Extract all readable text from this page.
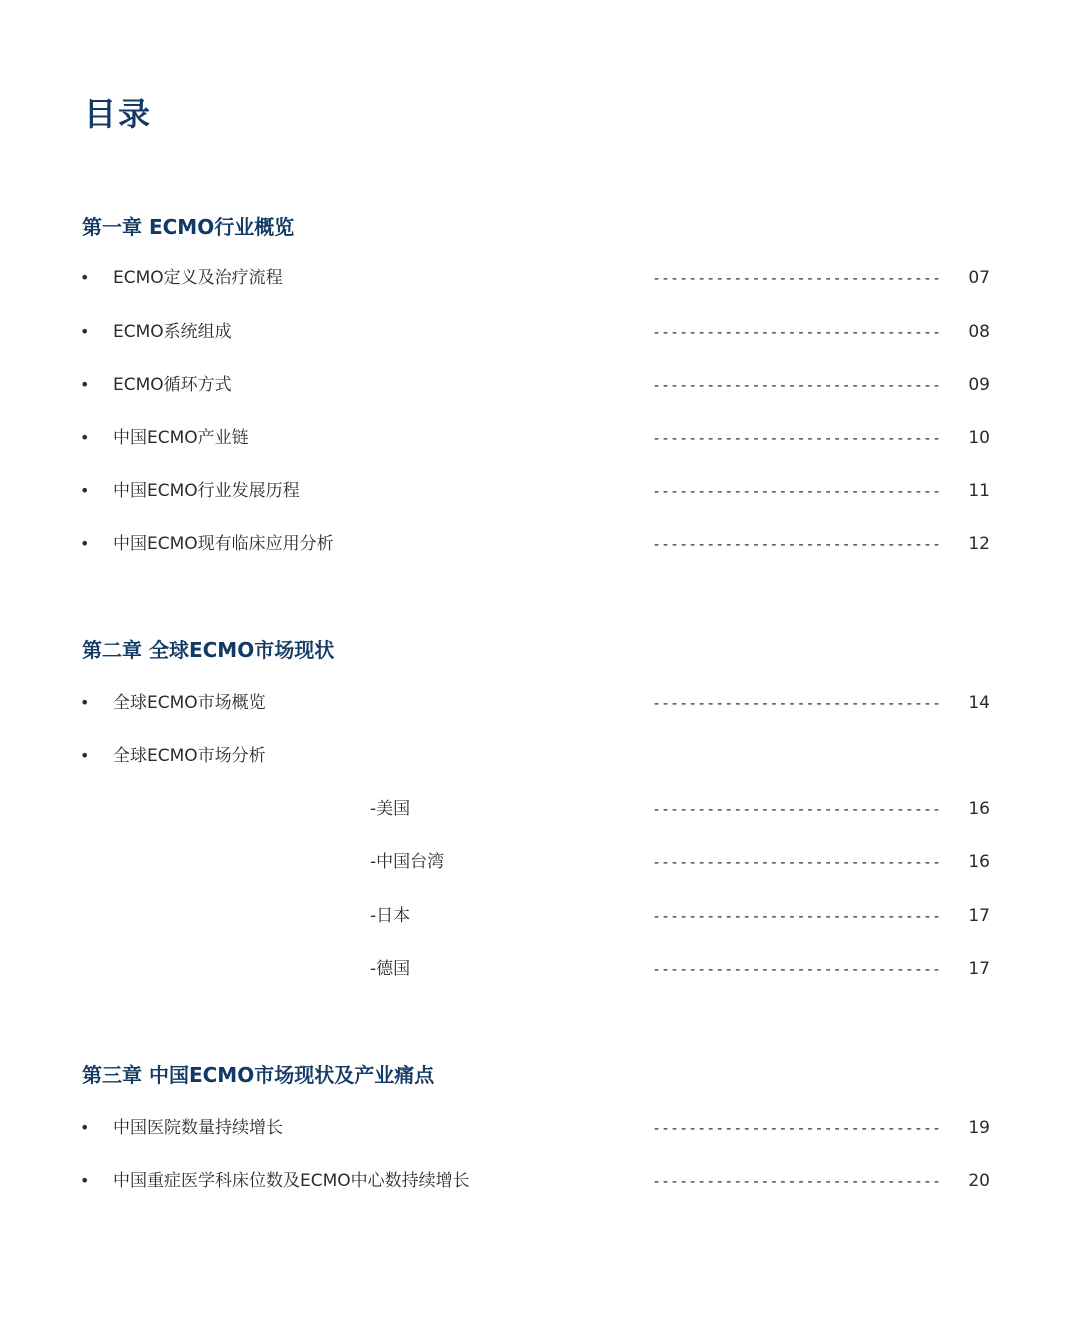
目录
第一章 ECMO行业概览
• ECMO定义及治疗流程	--------------------------------	07
• ECMO系统组成	--------------------------------	08
• ECMO循环方式	--------------------------------	09
• 中国ECMO产业链	--------------------------------	10
• 中国ECMO行业发展历程	--------------------------------	11
• 中国ECMO现有临床应用分析	--------------------------------	12
第二章 全球ECMO市场现状
• 全球ECMO市场概览	--------------------------------	14
• 全球ECMO市场分析
-美国	--------------------------------	16
-中国台湾	--------------------------------	16
-日本	--------------------------------	17
-德国	--------------------------------	17
第三章 中国ECMO市场现状及产业痛点
• 中国医院数量持续增长	--------------------------------	19
• 中国重症医学科床位数及ECMO中心数持续增长	--------------------------------	20
